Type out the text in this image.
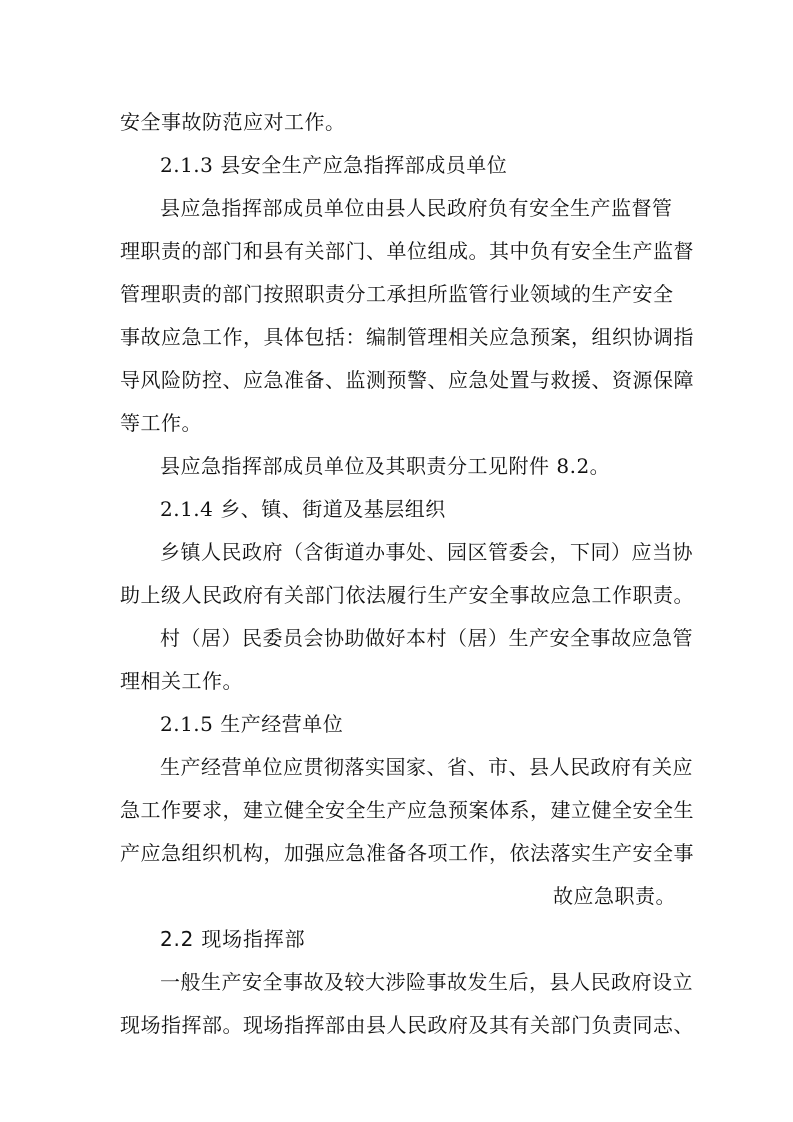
安全事故防范应对工作。
2.1.3 县安全生产应急指挥部成员单位
县应急指挥部成员单位由县人民政府负有安全生产监督管
理职责的部门和县有关部门、单位组成。其中负有安全生产监督
管理职责的部门按照职责分工承担所监管行业领域的生产安全
事故应急工作，具体包括：编制管理相关应急预案，组织协调指
导风险防控、应急准备、监测预警、应急处置与救援、资源保障
等工作。
县应急指挥部成员单位及其职责分工见附件 8.2。
2.1.4 乡、镇、街道及基层组织
乡镇人民政府（含街道办事处、园区管委会，下同）应当协
助上级人民政府有关部门依法履行生产安全事故应急工作职责。
村（居）民委员会协助做好本村（居）生产安全事故应急管
理相关工作。
2.1.5 生产经营单位
生产经营单位应贯彻落实国家、省、市、县人民政府有关应
急工作要求，建立健全安全生产应急预案体系，建立健全安全生
产应急组织机构，加强应急准备各项工作，依法落实生产安全事
故应急职责。
2.2 现场指挥部
一般生产安全事故及较大涉险事故发生后，县人民政府设立
现场指挥部。现场指挥部由县人民政府及其有关部门负责同志、
